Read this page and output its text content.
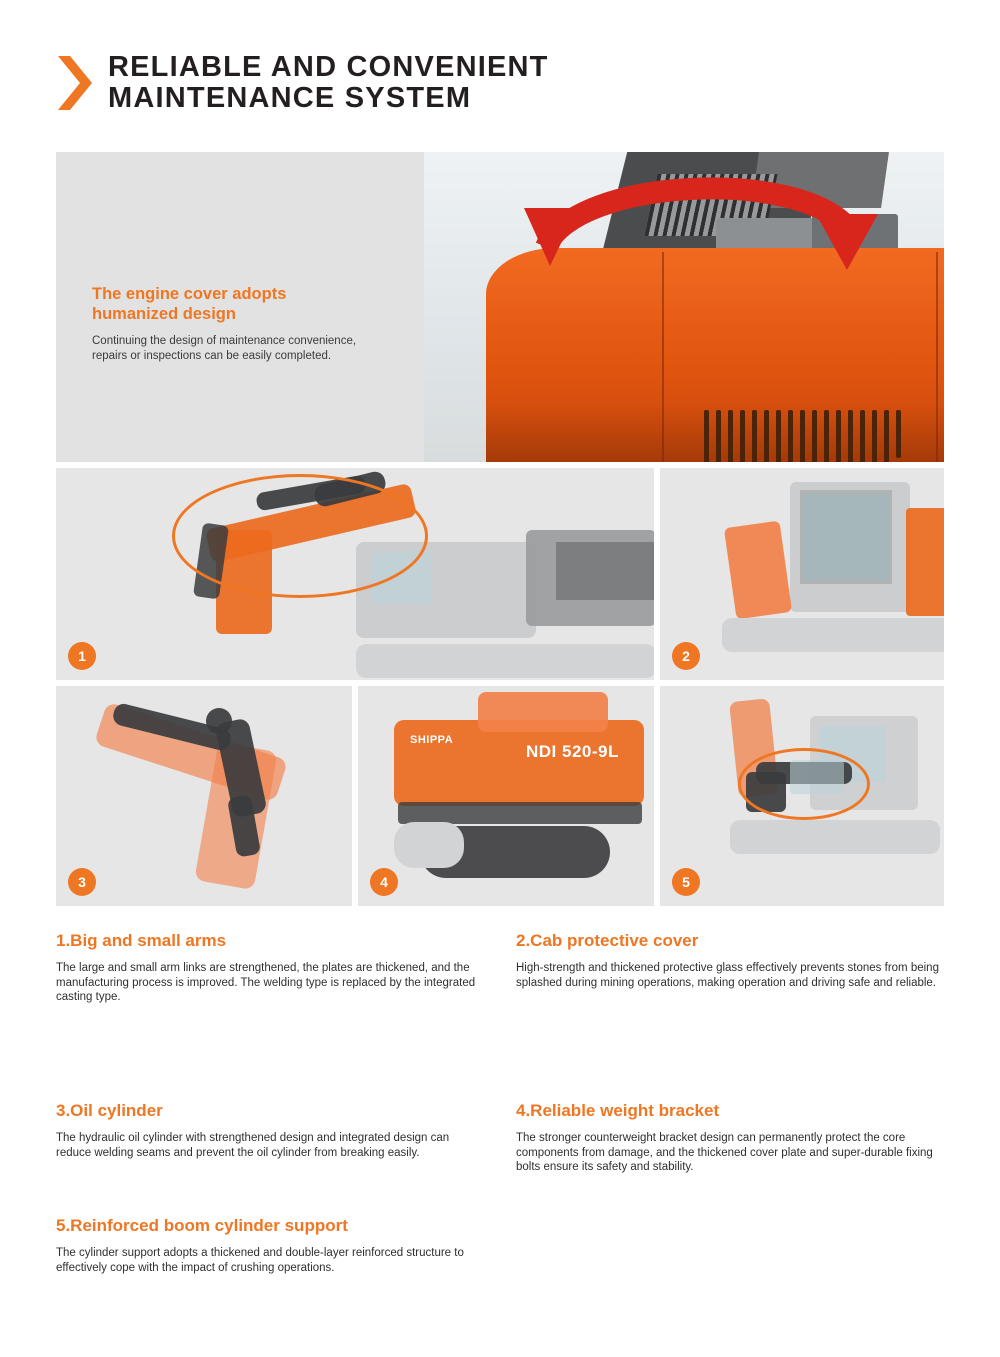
RELIABLE AND CONVENIENT
MAINTENANCE SYSTEM
The engine cover adopts humanized design
Continuing the design of maintenance convenience, repairs or inspections can be easily completed.
1	2
3
SHIPPA
NDI 520-9L
4	5
1.Big and small arms

The large and small arm links are strengthened, the plates are thickened, and the manufacturing process is improved. The welding type is replaced by the integrated casting type.

2.Cab protective cover

High-strength and thickened protective glass effectively prevents stones from being splashed during mining operations, making operation and driving safe and reliable.

3.Oil cylinder

The hydraulic oil cylinder with strengthened design and integrated design can reduce welding seams and prevent the oil cylinder from breaking easily.

4.Reliable weight bracket

The stronger counterweight bracket design can permanently protect the core components from damage, and the thickened cover plate and super-durable fixing bolts ensure its safety and stability.

5.Reinforced boom cylinder support

The cylinder support adopts a thickened and double-layer reinforced structure to effectively cope with the impact of crushing operations.
